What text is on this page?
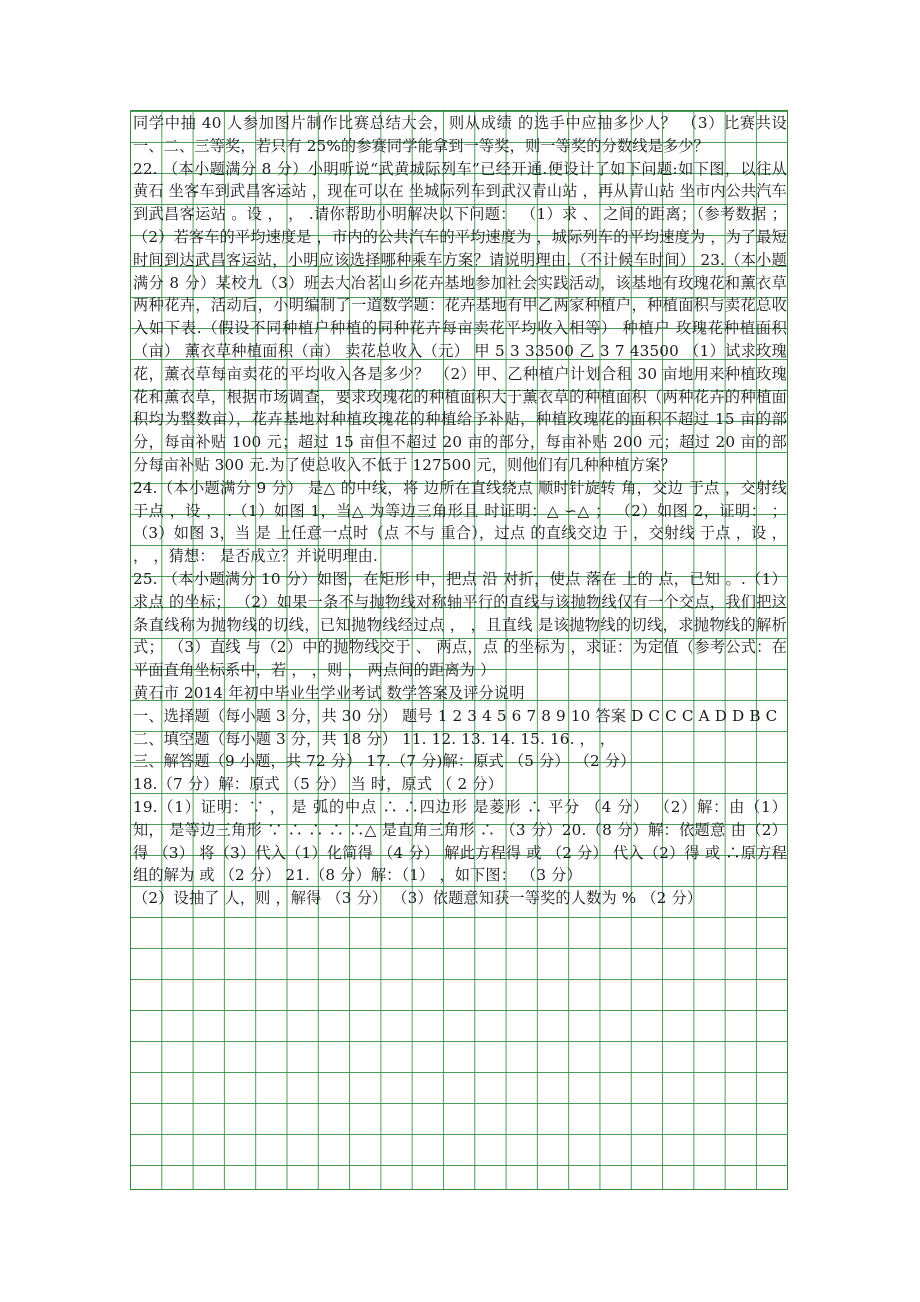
同学中抽 40 人参加图片制作比赛总结大会，则从成绩 的选手中应抽多少人？ （3）比赛共设一、二、三等奖，若只有 25%的参赛同学能拿到一等奖，则一等奖的分数线是多少？

22. （本小题满分 8 分）小明听说“武黄城际列车”已经开通.便设计了如下问题:如下图，以往从黄石 坐客车到武昌客运站 ，现在可以在 坐城际列车到武汉青山站 ，再从青山站 坐市内公共汽车到武昌客运站 。设 ， ， .请你帮助小明解决以下问题： （1）求 、 之间的距离；（参考数据 ； （2）若客车的平均速度是 ，市内的公共汽车的平均速度为 ，城际列车的平均速度为 ，为了最短时间到达武昌客运站，小明应该选择哪种乘车方案？请说明理由.（不计候车时间） 23.（本小题满分 8 分）某校九（3）班去大冶茗山乡花卉基地参加社会实践活动，该基地有玫瑰花和薰衣草两种花卉，活动后，小明编制了一道数学题：花卉基地有甲乙两家种植户，种植面积与卖花总收入如下表.（假设不同种植户种植的同种花卉每亩卖花平均收入相等） 种植户 玫瑰花种植面积（亩） 薰衣草种植面积（亩） 卖花总收入（元） 甲 5 3 33500 乙 3 7 43500 （1）试求玫瑰花，薰衣草每亩卖花的平均收入各是多少？ （2）甲、乙种植户计划合租 30 亩地用来种植玫瑰花和薰衣草，根据市场调查，要求玫瑰花的种植面积大于薰衣草的种植面积（两种花卉的种植面积均为整数亩），花卉基地对种植玫瑰花的种植给予补贴，种植玫瑰花的面积不超过 15 亩的部分，每亩补贴 100 元；超过 15 亩但不超过 20 亩的部分，每亩补贴 200 元；超过 20 亩的部分每亩补贴 300 元.为了使总收入不低于 127500 元，则他们有几种种植方案？

24.（本小题满分 9 分） 是△ 的中线，将 边所在直线绕点 顺时针旋转 角，交边 于点 ，交射线 于点 ，设 ， .（1）如图 1，当△ 为等边三角形且 时证明：△ ∽△ ； （2）如图 2，证明： ； （3）如图 3，当 是 上任意一点时（点 不与 重合），过点 的直线交边 于 ，交射线 于点 ，设 ， ， ，猜想： 是否成立？并说明理由.

25. （本小题满分 10 分）如图，在矩形 中，把点 沿 对折，使点 落在 上的 点，已知 。.（1）求点 的坐标； （2）如果一条不与抛物线对称轴平行的直线与该抛物线仅有一个交点，我们把这条直线称为抛物线的切线，已知抛物线经过点 ， ，且直线 是该抛物线的切线，求抛物线的解析式； （3）直线 与（2）中的抛物线交于 、 两点，点 的坐标为 ，求证：为定值（参考公式：在平面直角坐标系中，若 ， ，则 ， 两点间的距离为 ）

黄石市 2014 年初中毕业生学业考试 数学答案及评分说明

一、选择题（每小题 3 分，共 30 分） 题号 1 2 3 4 5 6 7 8 9 10 答案 D C C C A D D B C

二、填空题（每小题 3 分，共 18 分） 11. 12. 13. 14. 15. 16. ， ，

三、解答题（9 小题，共 72 分） 17.（7 分)解：原式 （5 分） （2 分）

18.（7 分）解：原式 （5 分） 当 时，原式 （ 2 分）

19.（1）证明：∵ ， 是 弧的中点 ∴ ∴四边形 是菱形 ∴ 平分 （4 分） （2）解：由（1）知， 是等边三角形 ∵ ∴ ∴ ∴ ∴△ 是直角三角形 ∴ （3 分）20.（8 分）解：依题意 由（2）得 （3） 将（3）代入（1）化简得 （4 分） 解此方程得 或 （2 分） 代入（2）得 或 ∴原方程组的解为 或 （2 分） 21.（8 分）解：（1） ，如下图： （3 分）

（2）设抽了 人，则 ，解得 （3 分） （3）依题意知获一等奖的人数为 % （2 分）
